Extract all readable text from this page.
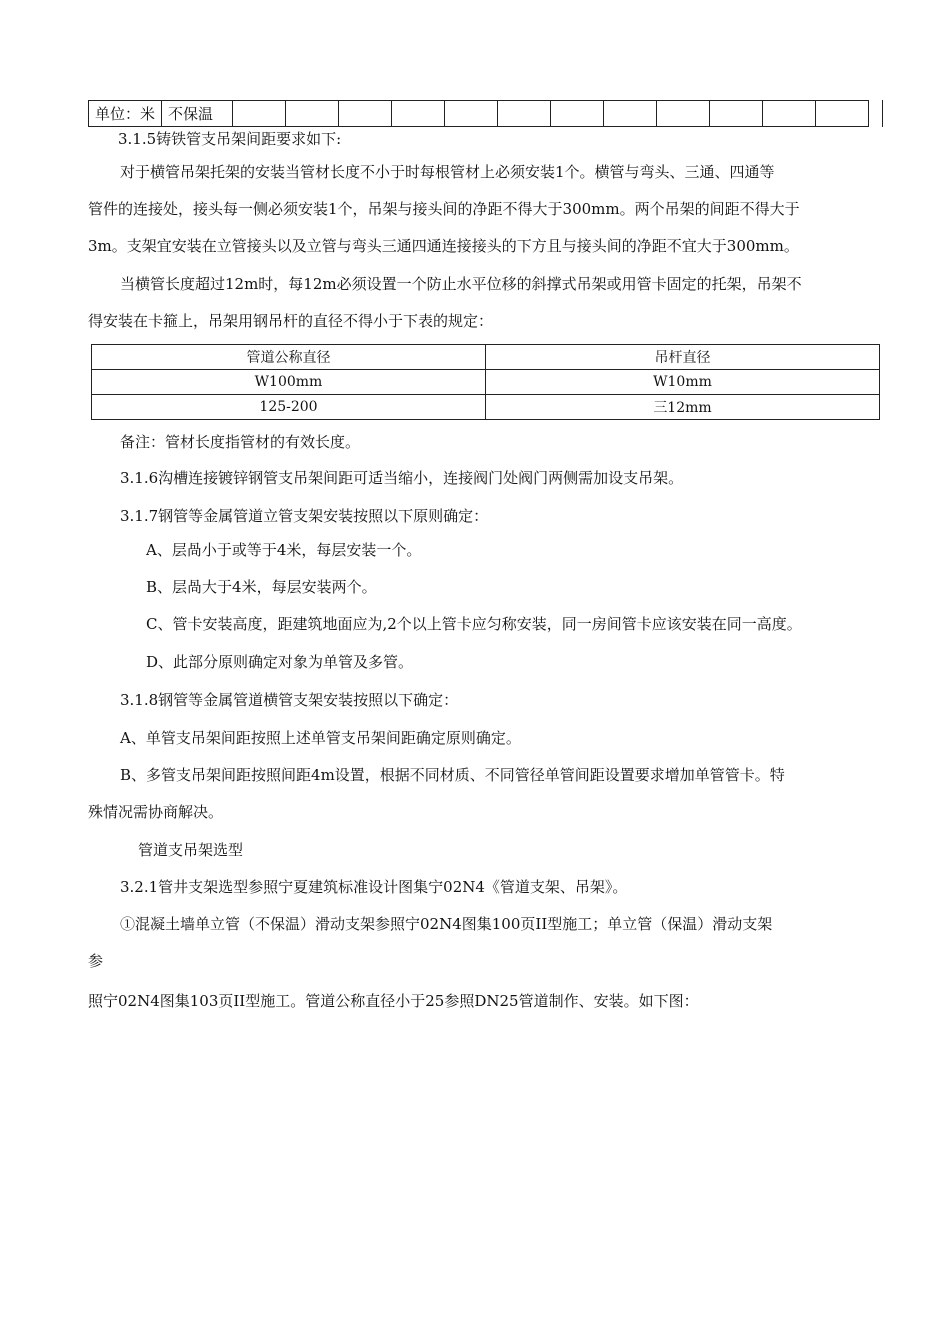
单位：米	不保温												
3.1.5铸铁管支吊架间距要求如下:
对于横管吊架托架的安装当管材长度不小于时每根管材上必须安装1个。横管与弯头、三通、四通等
管件的连接处，接头每一侧必须安装1个，吊架与接头间的净距不得大于300mm。两个吊架的间距不得大于
3m。支架宜安装在立管接头以及立管与弯头三通四通连接接头的下方且与接头间的净距不宜大于300mm。
当横管长度超过12m时，每12m必须设置一个防止水平位移的斜撑式吊架或用管卡固定的托架，吊架不
得安装在卡箍上，吊架用钢吊杆的直径不得小于下表的规定：
管道公称直径	吊杆直径
W100mm	W10mm
125-200	三12mm
备注：管材长度指管材的有效长度。
3.1.6沟槽连接镀锌钢管支吊架间距可适当缩小，连接阀门处阀门两侧需加设支吊架。
3.1.7钢管等金属管道立管支架安装按照以下原则确定：
A、层咼小于或等于4米，每层安装一个。
B、层咼大于4米，每层安装两个。
C、管卡安装高度，距建筑地面应为,2个以上管卡应匀称安装，同一房间管卡应该安装在同一高度。
D、此部分原则确定对象为单管及多管。
3.1.8钢管等金属管道横管支架安装按照以下确定：
A、单管支吊架间距按照上述单管支吊架间距确定原则确定。
B、多管支吊架间距按照间距4m设置，根据不同材质、不同管径单管间距设置要求增加单管管卡。特
殊情况需协商解决。
管道支吊架选型
3.2.1管井支架选型参照宁夏建筑标准设计图集宁02N4《管道支架、吊架》。
①混凝土墙单立管（不保温）滑动支架参照宁02N4图集100页II型施工；单立管（保温）滑动支架
参
照宁02N4图集103页II型施工。管道公称直径小于25参照DN25管道制作、安装。如下图：
